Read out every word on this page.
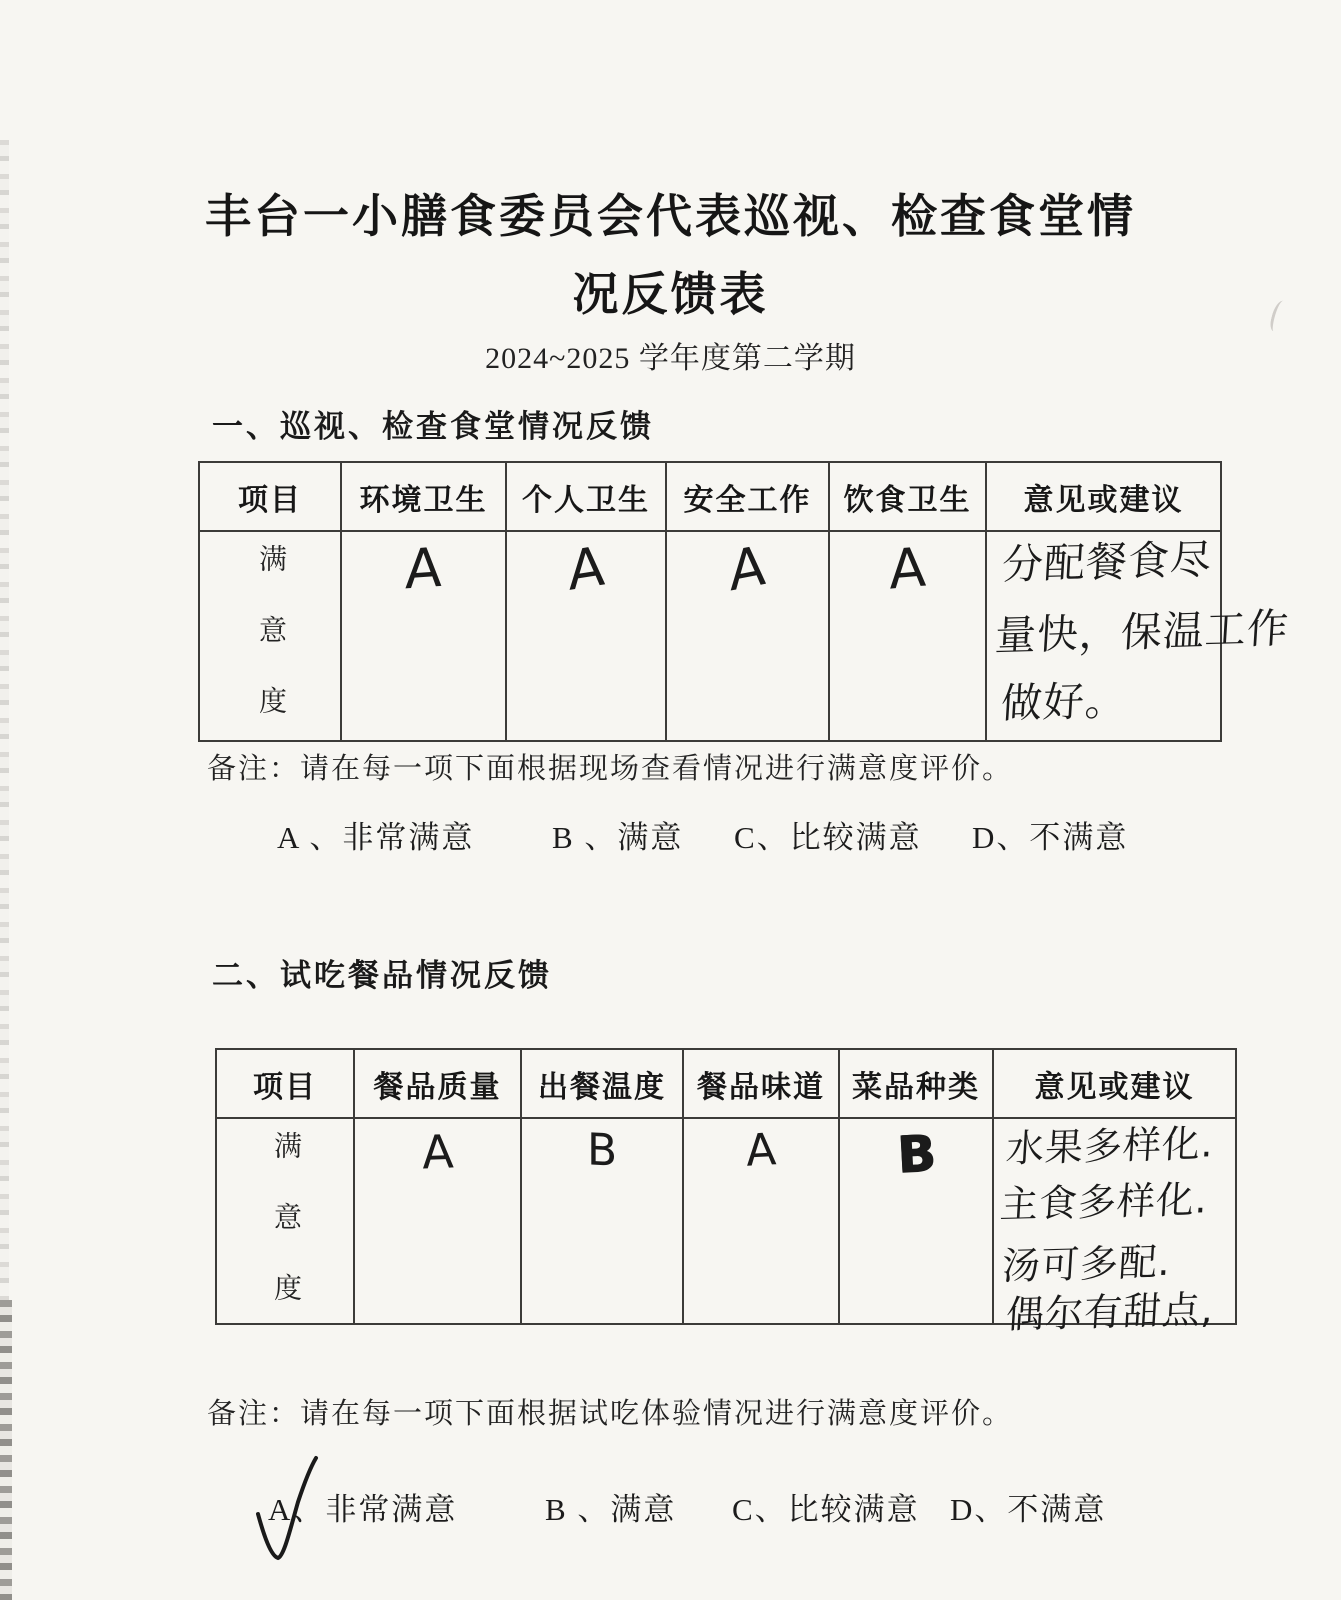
丰台一小膳食委员会代表巡视、检查食堂情
况反馈表
2024~2025 学年度第二学期
一、巡视、检查食堂情况反馈
项目	环境卫生	个人卫生	安全工作	饮食卫生	意见或建议

满意度	A	A	A	A	分配餐食尽
量快，保温工作
做好。
备注：请在每一项下面根据现场查看情况进行满意度评价。
A 、非常满意	B 、满意 C、比较满意 D、不满意
二、试吃餐品情况反馈
项目	餐品质量	出餐温度	餐品味道	菜品种类	意见或建议

满意度	A	B	A	B	水果多样化.
主食多样化.
汤可多配.
偶尔有甜点,
备注：请在每一项下面根据试吃体验情况进行满意度评价。
A、非常满意	B 、满意 C、比较满意 D、不满意
